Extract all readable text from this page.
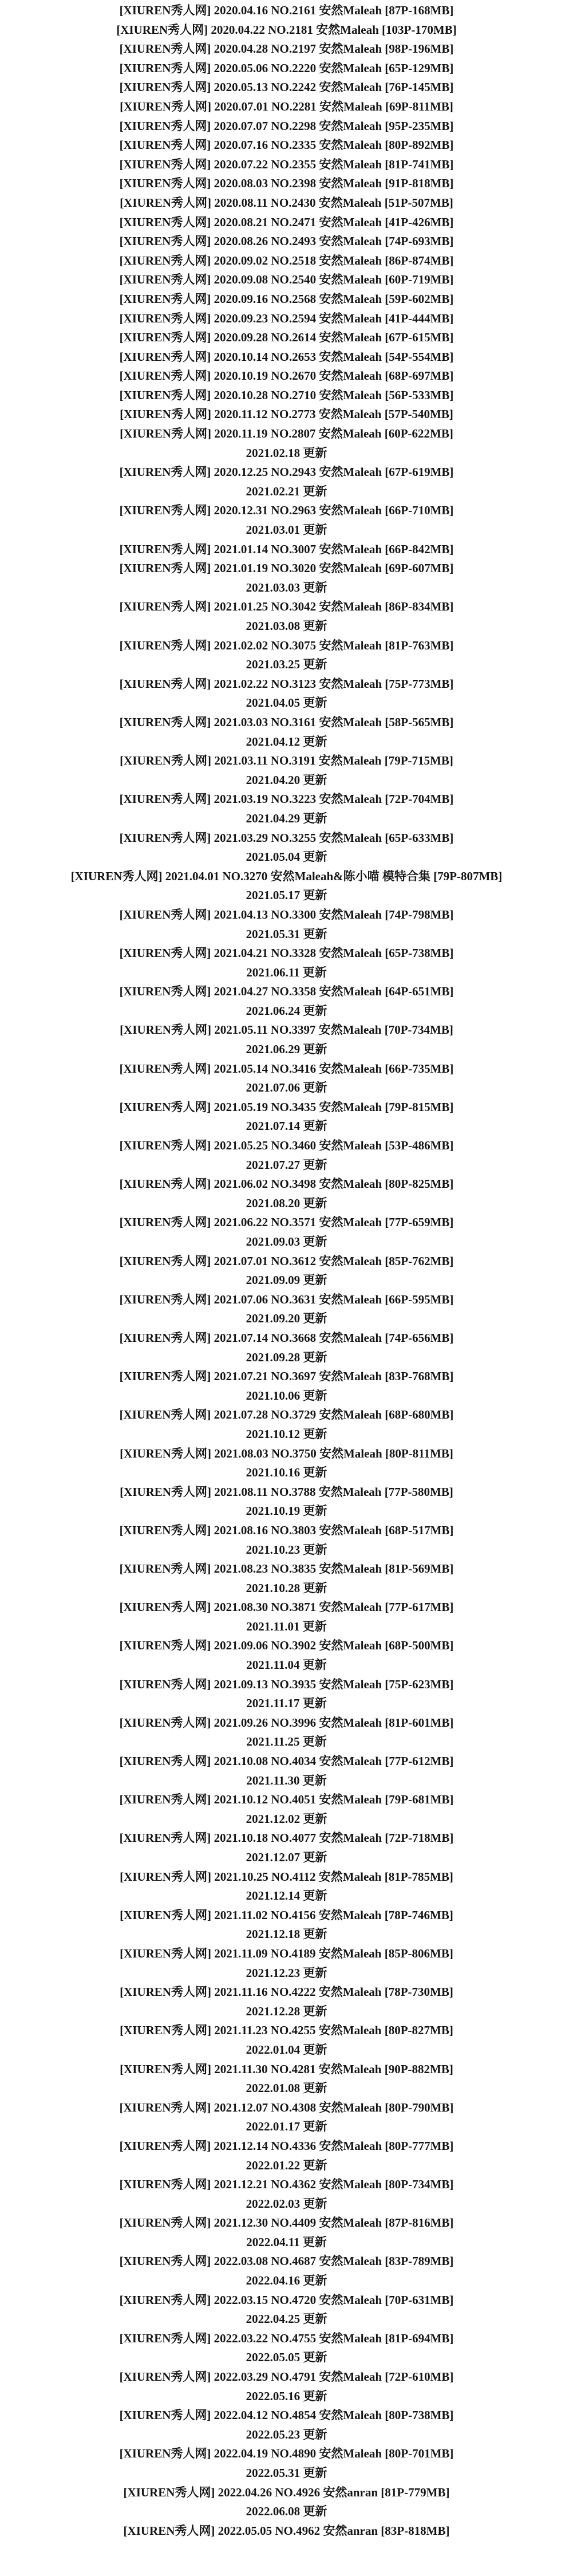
[XIUREN秀人网] 2020.04.16 NO.2161 安然Maleah [87P-168MB]
[XIUREN秀人网] 2020.04.22 NO.2181 安然Maleah [103P-170MB]
[XIUREN秀人网] 2020.04.28 NO.2197 安然Maleah [98P-196MB]
[XIUREN秀人网] 2020.05.06 NO.2220 安然Maleah [65P-129MB]
[XIUREN秀人网] 2020.05.13 NO.2242 安然Maleah [76P-145MB]
[XIUREN秀人网] 2020.07.01 NO.2281 安然Maleah [69P-811MB]
[XIUREN秀人网] 2020.07.07 NO.2298 安然Maleah [95P-235MB]
[XIUREN秀人网] 2020.07.16 NO.2335 安然Maleah [80P-892MB]
[XIUREN秀人网] 2020.07.22 NO.2355 安然Maleah [81P-741MB]
[XIUREN秀人网] 2020.08.03 NO.2398 安然Maleah [91P-818MB]
[XIUREN秀人网] 2020.08.11 NO.2430 安然Maleah [51P-507MB]
[XIUREN秀人网] 2020.08.21 NO.2471 安然Maleah [41P-426MB]
[XIUREN秀人网] 2020.08.26 NO.2493 安然Maleah [74P-693MB]
[XIUREN秀人网] 2020.09.02 NO.2518 安然Maleah [86P-874MB]
[XIUREN秀人网] 2020.09.08 NO.2540 安然Maleah [60P-719MB]
[XIUREN秀人网] 2020.09.16 NO.2568 安然Maleah [59P-602MB]
[XIUREN秀人网] 2020.09.23 NO.2594 安然Maleah [41P-444MB]
[XIUREN秀人网] 2020.09.28 NO.2614 安然Maleah [67P-615MB]
[XIUREN秀人网] 2020.10.14 NO.2653 安然Maleah [54P-554MB]
[XIUREN秀人网] 2020.10.19 NO.2670 安然Maleah [68P-697MB]
[XIUREN秀人网] 2020.10.28 NO.2710 安然Maleah [56P-533MB]
[XIUREN秀人网] 2020.11.12 NO.2773 安然Maleah [57P-540MB]
[XIUREN秀人网] 2020.11.19 NO.2807 安然Maleah [60P-622MB]
2021.02.18 更新
[XIUREN秀人网] 2020.12.25 NO.2943 安然Maleah [67P-619MB]
2021.02.21 更新
[XIUREN秀人网] 2020.12.31 NO.2963 安然Maleah [66P-710MB]
2021.03.01 更新
[XIUREN秀人网] 2021.01.14 NO.3007 安然Maleah [66P-842MB]
[XIUREN秀人网] 2021.01.19 NO.3020 安然Maleah [69P-607MB]
2021.03.03 更新
[XIUREN秀人网] 2021.01.25 NO.3042 安然Maleah [86P-834MB]
2021.03.08 更新
[XIUREN秀人网] 2021.02.02 NO.3075 安然Maleah [81P-763MB]
2021.03.25 更新
[XIUREN秀人网] 2021.02.22 NO.3123 安然Maleah [75P-773MB]
2021.04.05 更新
[XIUREN秀人网] 2021.03.03 NO.3161 安然Maleah [58P-565MB]
2021.04.12 更新
[XIUREN秀人网] 2021.03.11 NO.3191 安然Maleah [79P-715MB]
2021.04.20 更新
[XIUREN秀人网] 2021.03.19 NO.3223 安然Maleah [72P-704MB]
2021.04.29 更新
[XIUREN秀人网] 2021.03.29 NO.3255 安然Maleah [65P-633MB]
2021.05.04 更新
[XIUREN秀人网] 2021.04.01 NO.3270 安然Maleah&陈小喵 模特合集 [79P-807MB]
2021.05.17 更新
[XIUREN秀人网] 2021.04.13 NO.3300 安然Maleah [74P-798MB]
2021.05.31 更新
[XIUREN秀人网] 2021.04.21 NO.3328 安然Maleah [65P-738MB]
2021.06.11 更新
[XIUREN秀人网] 2021.04.27 NO.3358 安然Maleah [64P-651MB]
2021.06.24 更新
[XIUREN秀人网] 2021.05.11 NO.3397 安然Maleah [70P-734MB]
2021.06.29 更新
[XIUREN秀人网] 2021.05.14 NO.3416 安然Maleah [66P-735MB]
2021.07.06 更新
[XIUREN秀人网] 2021.05.19 NO.3435 安然Maleah [79P-815MB]
2021.07.14 更新
[XIUREN秀人网] 2021.05.25 NO.3460 安然Maleah [53P-486MB]
2021.07.27 更新
[XIUREN秀人网] 2021.06.02 NO.3498 安然Maleah [80P-825MB]
2021.08.20 更新
[XIUREN秀人网] 2021.06.22 NO.3571 安然Maleah [77P-659MB]
2021.09.03 更新
[XIUREN秀人网] 2021.07.01 NO.3612 安然Maleah [85P-762MB]
2021.09.09 更新
[XIUREN秀人网] 2021.07.06 NO.3631 安然Maleah [66P-595MB]
2021.09.20 更新
[XIUREN秀人网] 2021.07.14 NO.3668 安然Maleah [74P-656MB]
2021.09.28 更新
[XIUREN秀人网] 2021.07.21 NO.3697 安然Maleah [83P-768MB]
2021.10.06 更新
[XIUREN秀人网] 2021.07.28 NO.3729 安然Maleah [68P-680MB]
2021.10.12 更新
[XIUREN秀人网] 2021.08.03 NO.3750 安然Maleah [80P-811MB]
2021.10.16 更新
[XIUREN秀人网] 2021.08.11 NO.3788 安然Maleah [77P-580MB]
2021.10.19 更新
[XIUREN秀人网] 2021.08.16 NO.3803 安然Maleah [68P-517MB]
2021.10.23 更新
[XIUREN秀人网] 2021.08.23 NO.3835 安然Maleah [81P-569MB]
2021.10.28 更新
[XIUREN秀人网] 2021.08.30 NO.3871 安然Maleah [77P-617MB]
2021.11.01 更新
[XIUREN秀人网] 2021.09.06 NO.3902 安然Maleah [68P-500MB]
2021.11.04 更新
[XIUREN秀人网] 2021.09.13 NO.3935 安然Maleah [75P-623MB]
2021.11.17 更新
[XIUREN秀人网] 2021.09.26 NO.3996 安然Maleah [81P-601MB]
2021.11.25 更新
[XIUREN秀人网] 2021.10.08 NO.4034 安然Maleah [77P-612MB]
2021.11.30 更新
[XIUREN秀人网] 2021.10.12 NO.4051 安然Maleah [79P-681MB]
2021.12.02 更新
[XIUREN秀人网] 2021.10.18 NO.4077 安然Maleah [72P-718MB]
2021.12.07 更新
[XIUREN秀人网] 2021.10.25 NO.4112 安然Maleah [81P-785MB]
2021.12.14 更新
[XIUREN秀人网] 2021.11.02 NO.4156 安然Maleah [78P-746MB]
2021.12.18 更新
[XIUREN秀人网] 2021.11.09 NO.4189 安然Maleah [85P-806MB]
2021.12.23 更新
[XIUREN秀人网] 2021.11.16 NO.4222 安然Maleah [78P-730MB]
2021.12.28 更新
[XIUREN秀人网] 2021.11.23 NO.4255 安然Maleah [80P-827MB]
2022.01.04 更新
[XIUREN秀人网] 2021.11.30 NO.4281 安然Maleah [90P-882MB]
2022.01.08 更新
[XIUREN秀人网] 2021.12.07 NO.4308 安然Maleah [80P-790MB]
2022.01.17 更新
[XIUREN秀人网] 2021.12.14 NO.4336 安然Maleah [80P-777MB]
2022.01.22 更新
[XIUREN秀人网] 2021.12.21 NO.4362 安然Maleah [80P-734MB]
2022.02.03 更新
[XIUREN秀人网] 2021.12.30 NO.4409 安然Maleah [87P-816MB]
2022.04.11 更新
[XIUREN秀人网] 2022.03.08 NO.4687 安然Maleah [83P-789MB]
2022.04.16 更新
[XIUREN秀人网] 2022.03.15 NO.4720 安然Maleah [70P-631MB]
2022.04.25 更新
[XIUREN秀人网] 2022.03.22 NO.4755 安然Maleah [81P-694MB]
2022.05.05 更新
[XIUREN秀人网] 2022.03.29 NO.4791 安然Maleah [72P-610MB]
2022.05.16 更新
[XIUREN秀人网] 2022.04.12 NO.4854 安然Maleah [80P-738MB]
2022.05.23 更新
[XIUREN秀人网] 2022.04.19 NO.4890 安然Maleah [80P-701MB]
2022.05.31 更新
[XIUREN秀人网] 2022.04.26 NO.4926 安然anran [81P-779MB]
2022.06.08 更新
[XIUREN秀人网] 2022.05.05 NO.4962 安然anran [83P-818MB]
